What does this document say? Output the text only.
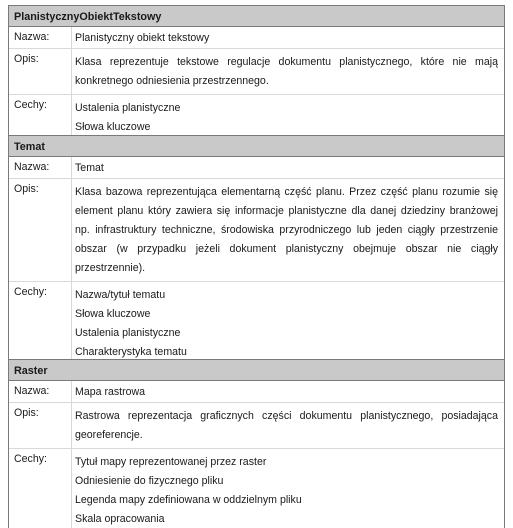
PlanistycznyObiektTekstowy
Nazwa:	Planistyczny obiekt tekstowy
Opis:	Klasa reprezentuje tekstowe regulacje dokumentu planistycznego, które nie mają konkretnego odniesienia przestrzennego.
Cechy:	Ustalenia planistyczne
Słowa kluczowe
Temat
Nazwa:	Temat
Opis:	Klasa bazowa reprezentująca elementarną część planu. Przez część planu rozumie się element planu który zawiera się informacje planistyczne dla danej dziedziny branżowej np. infrastruktury techniczne, środowiska przyrodniczego lub jeden ciągły przestrzenie obszar (w przypadku jeżeli dokument planistyczny obejmuje obszar nie ciągły przestrzennie).
Cechy:	Nazwa/tytuł tematu
Słowa kluczowe
Ustalenia planistyczne
Charakterystyka tematu
Raster
Nazwa:	Mapa rastrowa
Opis:	Rastrowa reprezentacja graficznych części dokumentu planistycznego, posiadająca georeferencje.
Cechy:	Tytuł mapy reprezentowanej przez raster
Odniesienie do fizycznego pliku
Legenda mapy zdefiniowana w oddzielnym pliku
Skala opracowania
